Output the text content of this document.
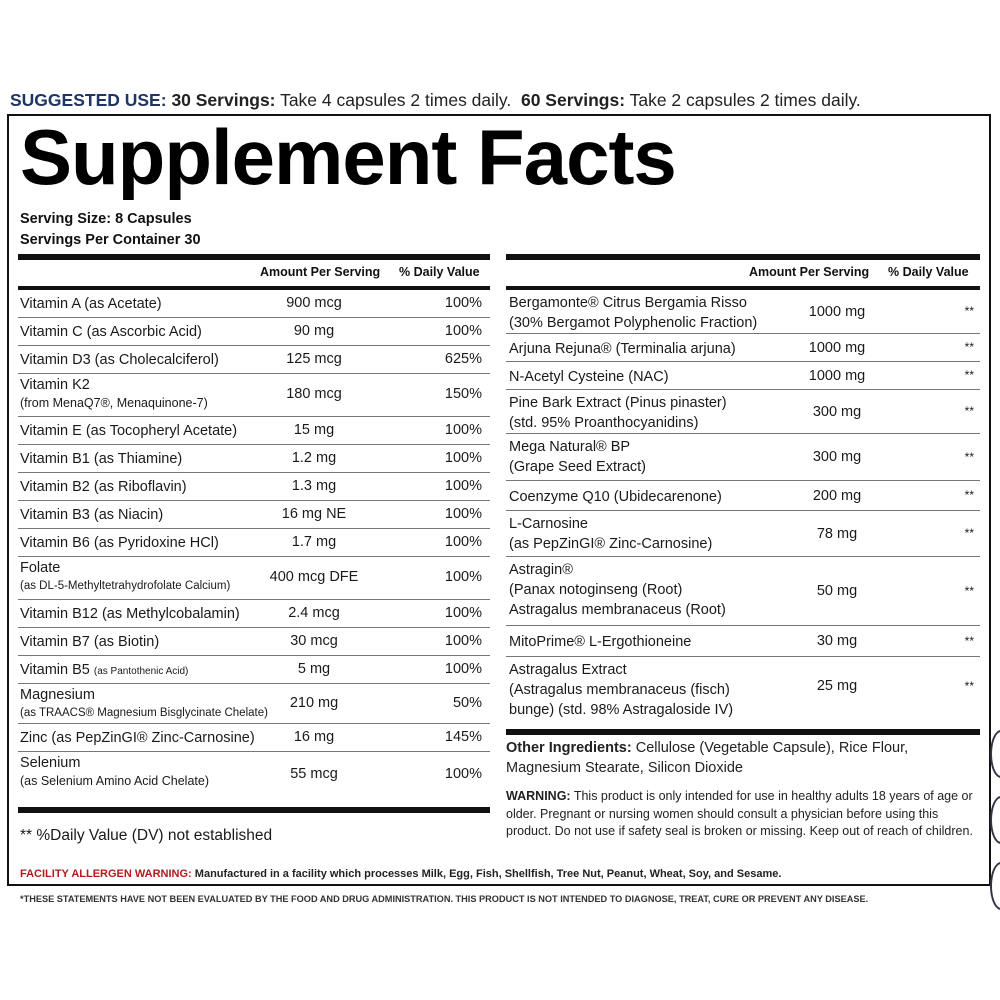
SUGGESTED USE: 30 Servings: Take 4 capsules 2 times daily. 60 Servings: Take 2 capsules 2 times daily.
Supplement Facts
Serving Size: 8 Capsules
Servings Per Container 30
Amount Per Serving % Daily Value
Vitamin A (as Acetate)	900 mcg	100%
Vitamin C (as Ascorbic Acid)	90 mg	100%
Vitamin D3 (as Cholecalciferol)	125 mcg	625%
Vitamin K2
(from MenaQ7®, Menaquinone-7)
180 mcg	150%
Vitamin E (as Tocopheryl Acetate)	15 mg	100%
Vitamin B1 (as Thiamine)	1.2 mg	100%
Vitamin B2 (as Riboflavin)	1.3 mg	100%
Vitamin B3 (as Niacin)	16 mg NE	100%
Vitamin B6 (as Pyridoxine HCl)	1.7 mg	100%
Folate
(as DL-5-Methyltetrahydrofolate Calcium)
400 mcg DFE	100%
Vitamin B12 (as Methylcobalamin)	2.4 mcg	100%
Vitamin B7 (as Biotin)	30 mcg	100%
Vitamin B5 (as Pantothenic Acid)	5 mg	100%
Magnesium
(as TRAACS® Magnesium Bisglycinate Chelate)
210 mg	50%
Zinc (as PepZinGI® Zinc-Carnosine)	16 mg	145%
Selenium
(as Selenium Amino Acid Chelate)	55 mcg	100%
Amount Per Serving % Daily Value
Bergamonte® Citrus Bergamia Risso
(30% Bergamot Polyphenolic Fraction)
1000 mg	**
Arjuna Rejuna® (Terminalia arjuna)	1000 mg	**
N-Acetyl Cysteine (NAC)	1000 mg	**
Pine Bark Extract (Pinus pinaster)
(std. 95% Proanthocyanidins)
300 mg	**
Mega Natural® BP
(Grape Seed Extract)
300 mg	**
Coenzyme Q10 (Ubidecarenone)	200 mg	**
L-Carnosine
(as PepZinGI® Zinc-Carnosine)
78 mg	**
Astragin®
(Panax notoginseng (Root)
Astragalus membranaceus (Root)
50 mg	**
MitoPrime® L-Ergothioneine	30 mg	**
Astragalus Extract
(Astragalus membranaceus (fisch)
bunge) (std. 98% Astragaloside IV)
25 mg	**
** %Daily Value (DV) not established
Other Ingredients: Cellulose (Vegetable Capsule), Rice Flour, Magnesium Stearate, Silicon Dioxide
WARNING: This product is only intended for use in healthy adults 18 years of age or older. Pregnant or nursing women should consult a physician before using this product. Do not use if safety seal is broken or missing. Keep out of reach of children.
FACILITY ALLERGEN WARNING: Manufactured in a facility which processes Milk, Egg, Fish, Shellfish, Tree Nut, Peanut, Wheat, Soy, and Sesame.
*THESE STATEMENTS HAVE NOT BEEN EVALUATED BY THE FOOD AND DRUG ADMINISTRATION. THIS PRODUCT IS NOT INTENDED TO DIAGNOSE, TREAT, CURE OR PREVENT ANY DISEASE.
